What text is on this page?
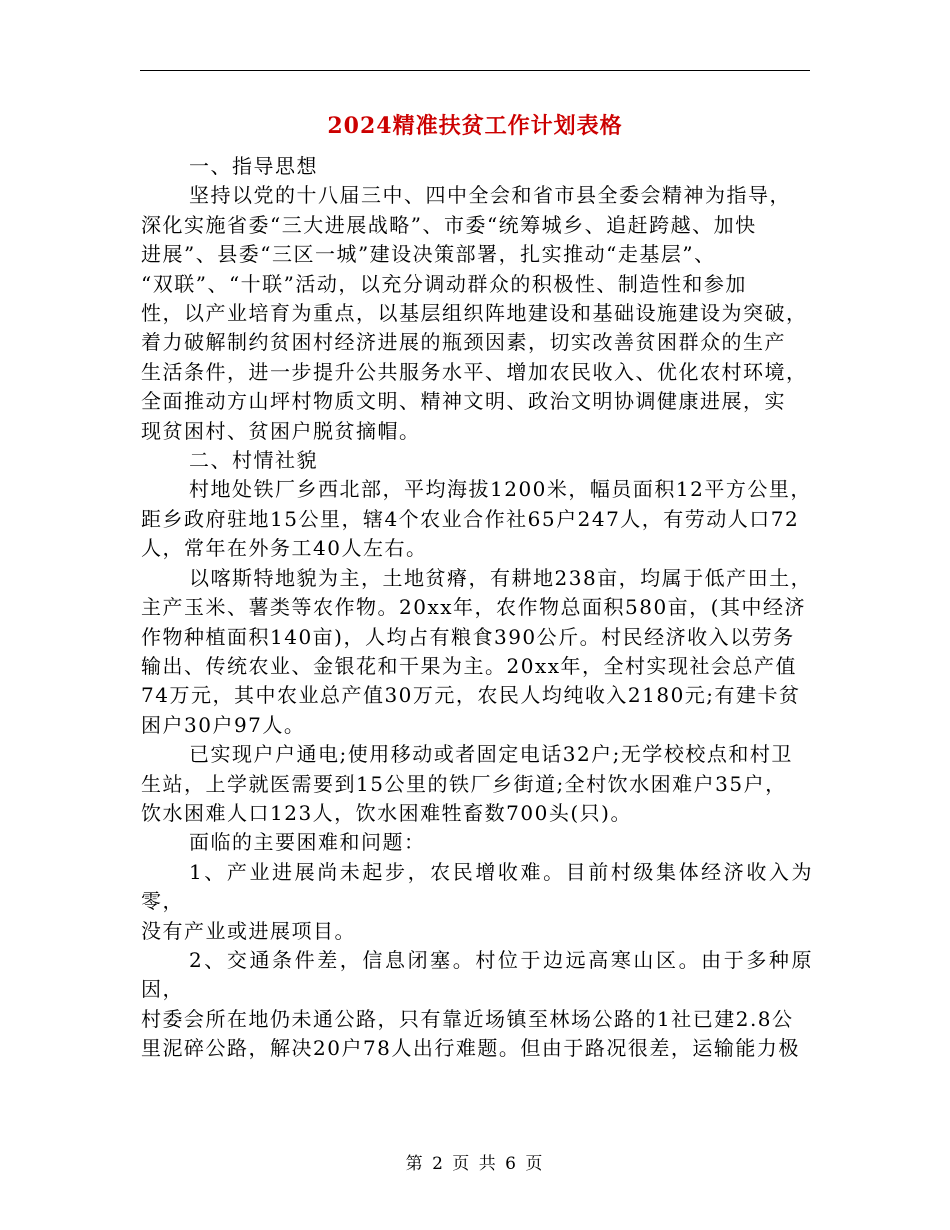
2024精准扶贫工作计划表格

一、指导思想

坚持以党的十八届三中、四中全会和省市县全委会精神为指导，

深化实施省委“三大进展战略”、市委“统筹城乡、追赶跨越、加快

进展”、县委“三区一城”建设决策部署，扎实推动“走基层”、

“双联”、“十联”活动，以充分调动群众的积极性、制造性和参加

性，以产业培育为重点，以基层组织阵地建设和基础设施建设为突破，

着力破解制约贫困村经济进展的瓶颈因素，切实改善贫困群众的生产

生活条件，进一步提升公共服务水平、增加农民收入、优化农村环境，

全面推动方山坪村物质文明、精神文明、政治文明协调健康进展，实

现贫困村、贫困户脱贫摘帽。

二、村情社貌

村地处铁厂乡西北部，平均海拔1200米，幅员面积12平方公里，

距乡政府驻地15公里，辖4个农业合作社65户247人，有劳动人口72

人，常年在外务工40人左右。

以喀斯特地貌为主，土地贫瘠，有耕地238亩，均属于低产田土，

主产玉米、薯类等农作物。20xx年，农作物总面积580亩，(其中经济

作物种植面积140亩)，人均占有粮食390公斤。村民经济收入以劳务

输出、传统农业、金银花和干果为主。20xx年，全村实现社会总产值

74万元，其中农业总产值30万元，农民人均纯收入2180元;有建卡贫

困户30户97人。

已实现户户通电;使用移动或者固定电话32户;无学校校点和村卫

生站，上学就医需要到15公里的铁厂乡街道;全村饮水困难户35户，

饮水困难人口123人，饮水困难牲畜数700头(只)。

面临的主要困难和问题：

1、产业进展尚未起步，农民增收难。目前村级集体经济收入为零，

没有产业或进展项目。

2、交通条件差，信息闭塞。村位于边远高寒山区。由于多种原因，

村委会所在地仍未通公路，只有靠近场镇至林场公路的1社已建2.8公

里泥碎公路，解决20户78人出行难题。但由于路况很差，运输能力极

第 2 页 共 6 页
